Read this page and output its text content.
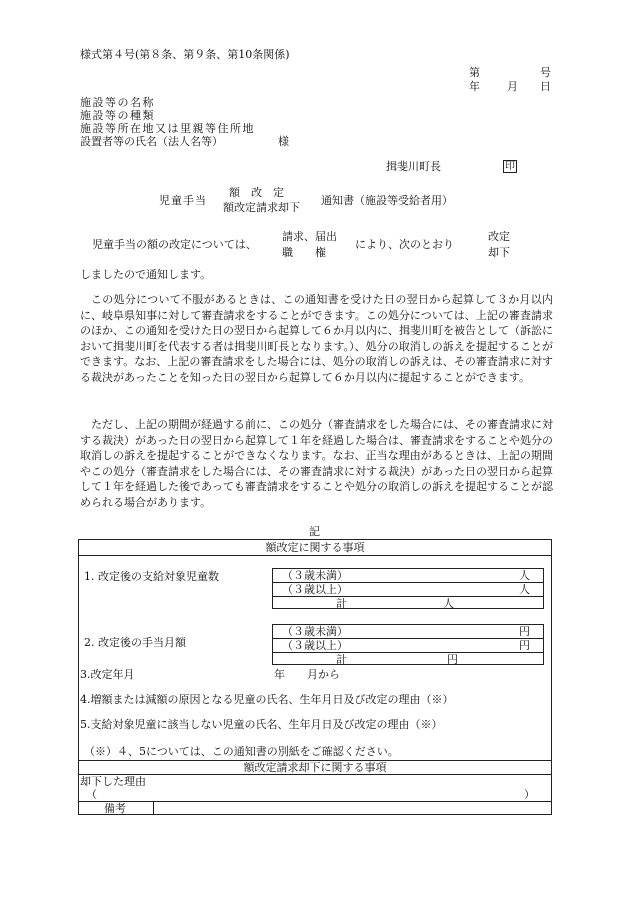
様式第４号(第８条、第９条、第10条関係)
第	号
年 月 日
施設等の名称
施設等の種類
施設等所在地又は里親等住所地
設置者等の氏名（法人名等）	様
揖斐川町長	印
児童手当
額　改　定
額改定請求却下
通知書（施設等受給者用）
児童手当の額の改定については、
請求、届出
職　　権
により、次のとおり
改定
却下
しましたので通知します。
この処分について不服があるときは、この通知書を受けた日の翌日から起算して３か月以内に、岐阜県知事に対して審査請求をすることができます。この処分については、上記の審査請求のほか、この通知を受けた日の翌日から起算して６か月以内に、揖斐川町を被告として（訴訟において揖斐川町を代表する者は揖斐川町長となります。）、処分の取消しの訴えを提起することができます。なお、上記の審査請求をした場合には、処分の取消しの訴えは、その審査請求に対する裁決があったことを知った日の翌日から起算して６か月以内に提起することができます。
ただし、上記の期間が経過する前に、この処分（審査請求をした場合には、その審査請求に対する裁決）があった日の翌日から起算して１年を経過した場合は、審査請求をすることや処分の取消しの訴えを提起することができなくなります。なお、正当な理由があるときは、上記の期間やこの処分（審査請求をした場合には、その審査請求に対する裁決）があった日の翌日から起算して１年を経過した後であっても審査請求をすることや処分の取消しの訴えを提起することが認められる場合があります。
記
額改定に関する事項
1. 改定後の支給対象児童数	（３歳未満）	人
（３歳以上）	人
計	人
2. 改定後の手当月額
（３歳未満）	円
（３歳以上）	円
計	円
3.改定年月	年　　月から
4.増額または減額の原因となる児童の氏名、生年月日及び改定の理由（※）
5.支給対象児童に該当しない児童の氏名、生年月日及び改定の理由（※）
（※）４、5については、この通知書の別紙をご確認ください。
額改定請求却下に関する事項
却下した理由
（	）
備考
